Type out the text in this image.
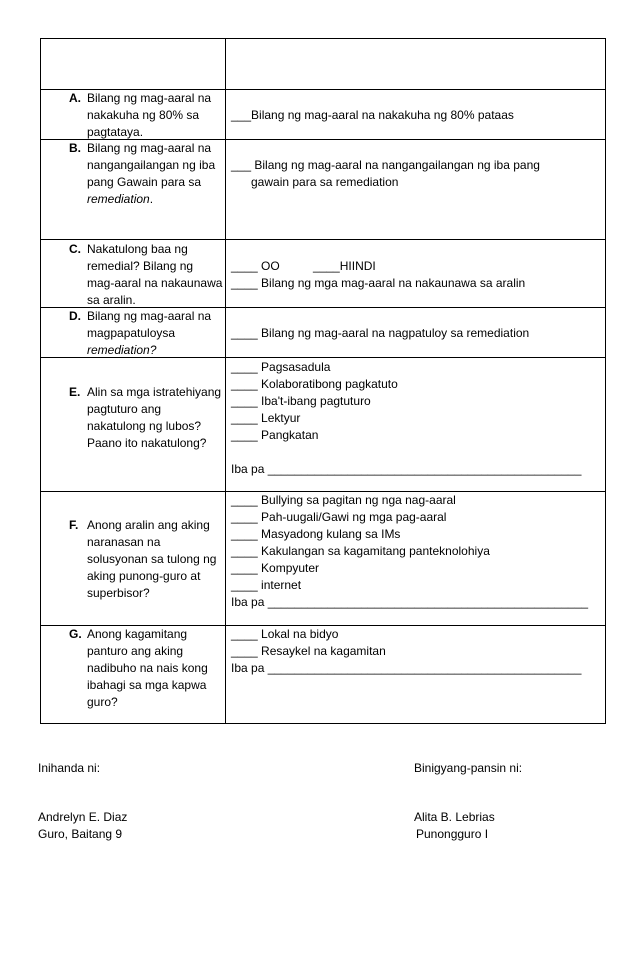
A. Bilang ng mag-aaral na nakakuha ng 80% sa pagtataya.
___Bilang ng mag-aaral na nakakuha ng 80% pataas
B. Bilang ng mag-aaral na nangangailangan ng iba pang Gawain para sa remediation.
___ Bilang ng mag-aaral na nangangailangan ng iba pang
gawain para sa remediation
C. Nakatulong baa ng remedial? Bilang ng mag-aaral na nakaunawa sa aralin.
____ OO          ____HIINDI
____ Bilang ng mga mag-aaral na nakaunawa sa aralin
D. Bilang ng mag-aaral na magpapatuloysa remediation?
____ Bilang ng mag-aaral na nagpatuloy sa remediation
E. Alin sa mga istratehiyang pagtuturo ang nakatulong ng lubos? Paano ito nakatulong?
____ Pagsasadula
____ Kolaboratibong pagkatuto
____ Iba't-ibang pagtuturo
____ Lektyur
____ Pangkatan
Iba pa _______________________________________________
F. Anong aralin ang aking naranasan na solusyonan sa tulong ng aking punong-guro at superbisor?
____ Bullying sa pagitan ng nga nag-aaral
____ Pah-uugali/Gawi ng mga pag-aaral
____ Masyadong kulang sa IMs
____ Kakulangan sa kagamitang panteknolohiya
____ Kompyuter
____ internet
Iba pa ________________________________________________
G. Anong kagamitang panturo ang aking nadibuho na nais kong ibahagi sa mga kapwa guro?
____ Lokal na bidyo
____ Resaykel na kagamitan
Iba pa _______________________________________________
Inihanda ni:
Andrelyn E. Diaz
Guro, Baitang 9
Binigyang-pansin ni:
Alita B. Lebrias
Punongguro I
